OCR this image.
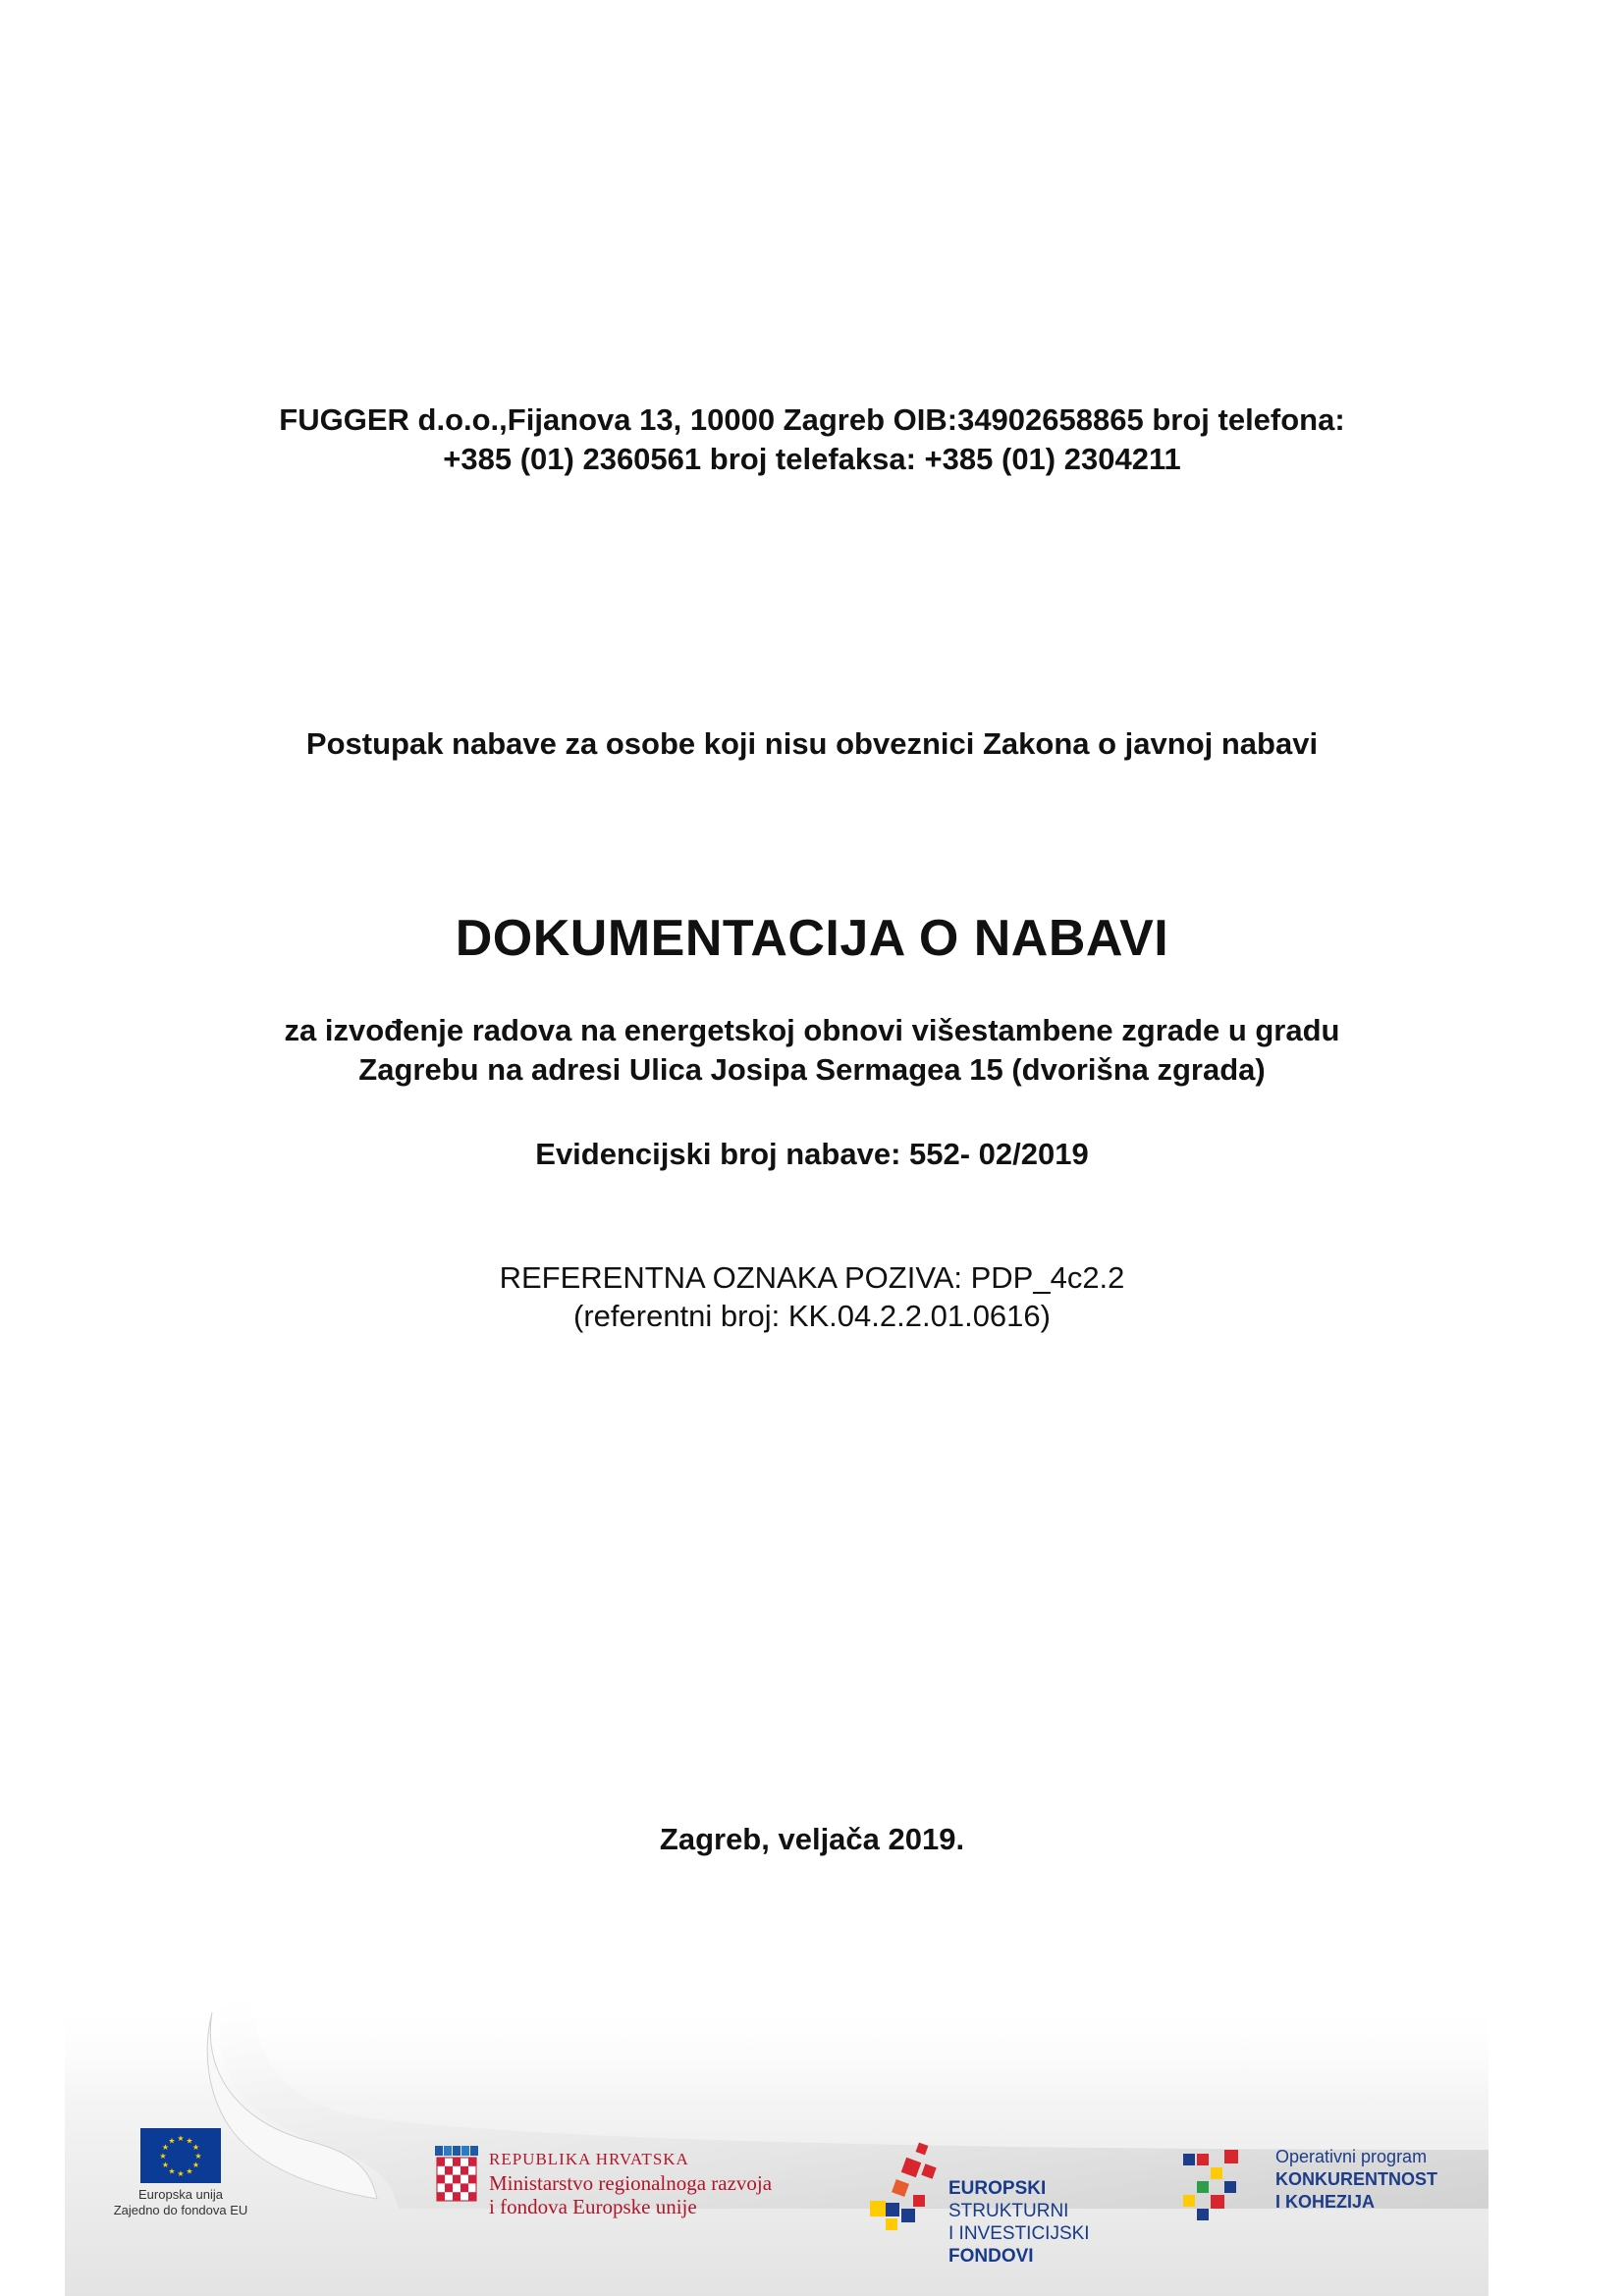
FUGGER d.o.o.,Fijanova 13, 10000 Zagreb OIB:34902658865 broj telefona:
+385 (01) 2360561 broj telefaksa: +385 (01) 2304211
Postupak nabave za osobe koji nisu obveznici Zakona o javnoj nabavi
DOKUMENTACIJA O NABAVI
za izvođenje radova na energetskoj obnovi višestambene zgrade u gradu
Zagrebu na adresi Ulica Josipa Sermagea 15 (dvorišna zgrada)
Evidencijski broj nabave: 552- 02/2019
REFERENTNA OZNAKA POZIVA: PDP_4c2.2
(referentni broj: KK.04.2.2.01.0616)
Zagreb, veljača 2019.
★ ★
★
★
★
★
★
★
★
★
★
★
Europska unija
Zajedno do fondova EU
REPUBLIKA HRVATSKA
Ministarstvo regionalnoga razvoja
i fondova Europske unije
EUROPSKI STRUKTURNI
I INVESTICIJSKI FONDOVI
Operativni program
KONKURENTNOST
I KOHEZIJA
